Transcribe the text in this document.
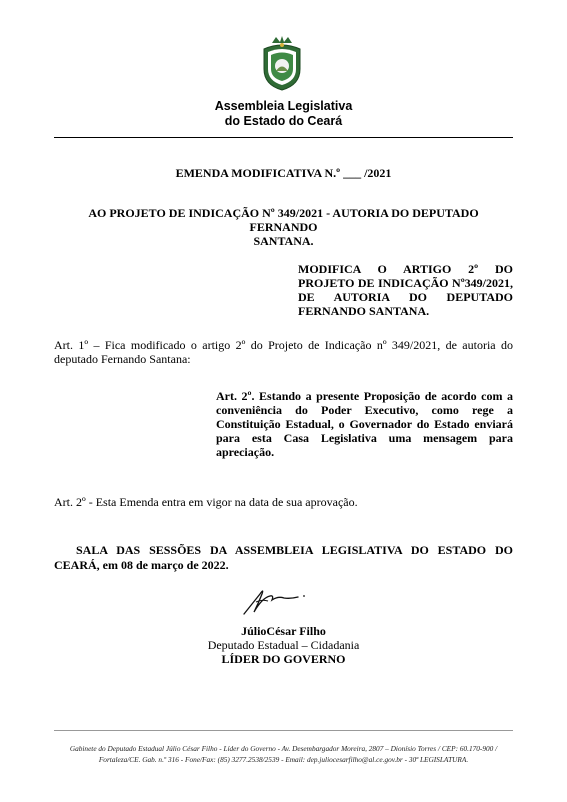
Assembleia Legislativa
do Estado do Ceará
EMENDA MODIFICATIVA N.º ___ /2021
AO PROJETO DE INDICAÇÃO Nº 349/2021 - AUTORIA DO DEPUTADO FERNANDO
SANTANA.
MODIFICA O ARTIGO 2º DO PROJETO DE INDICAÇÃO Nº349/2021, DE AUTORIA DO DEPUTADO FERNANDO SANTANA.
Art. 1º – Fica modificado o artigo 2º do Projeto de Indicação nº 349/2021, de autoria do deputado Fernando Santana:
Art. 2º. Estando a presente Proposição de acordo com a conveniência do Poder Executivo, como rege a Constituição Estadual, o Governador do Estado enviará para esta Casa Legislativa uma mensagem para apreciação.
Art. 2º - Esta Emenda entra em vigor na data de sua aprovação.
SALA DAS SESSÕES DA ASSEMBLEIA LEGISLATIVA DO ESTADO DO CEARÁ, em 08 de março de 2022.
JúlioCésar Filho
Deputado Estadual – Cidadania
LÍDER DO GOVERNO
Gabinete do Deputado Estadual Júlio César Filho - Líder do Governo - Av. Desembargador Moreira, 2807 – Dionísio Torres / CEP: 60.170-900 /
Fortaleza/CE. Gab. n.º 316 - Fone/Fax: (85) 3277.2538/2539 - Email: dep.juliocesarfilho@al.ce.gov.br - 30ª LEGISLATURA.
